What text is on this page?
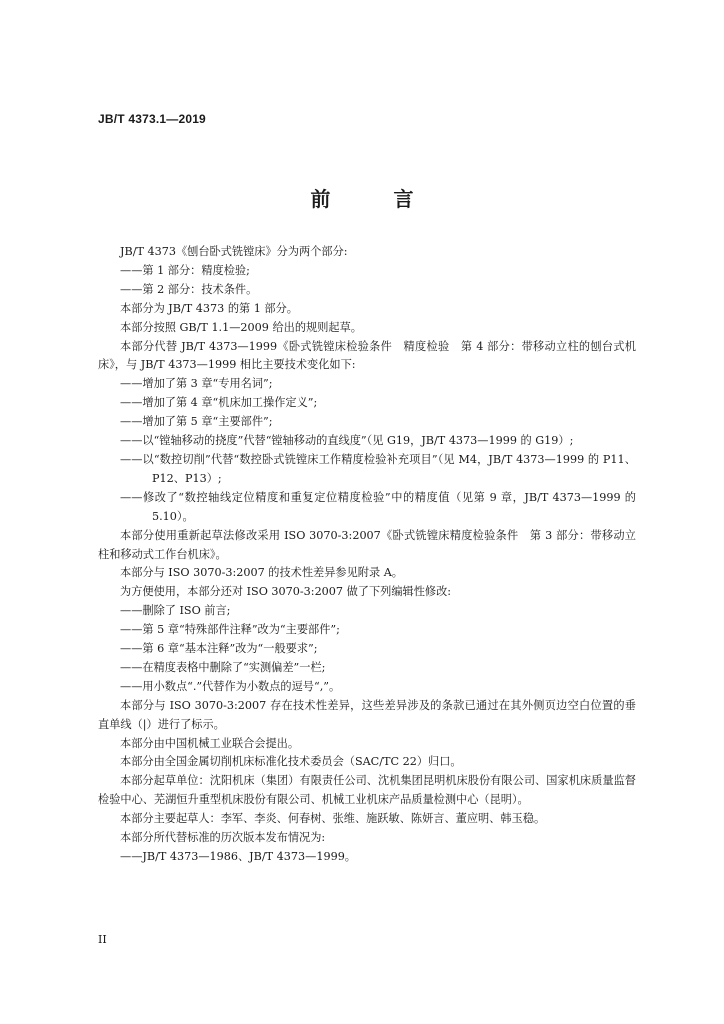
JB/T 4373.1—2019
前 言

JB/T 4373《刨台卧式铣镗床》分为两个部分:

——第 1 部分：精度检验;

——第 2 部分：技术条件。

本部分为 JB/T 4373 的第 1 部分。

本部分按照 GB/T 1.1—2009 给出的规则起草。

本部分代替 JB/T 4373—1999《卧式铣镗床检验条件　精度检验　第 4 部分：带移动立柱的刨台式机床》，与 JB/T 4373—1999 相比主要技术变化如下:

——增加了第 3 章“专用名词”;

——增加了第 4 章“机床加工操作定义”;

——增加了第 5 章“主要部件”;

——以“镗轴移动的挠度”代替“镗轴移动的直线度”（见 G19，JB/T 4373—1999 的 G19）;

——以“数控切削”代替“数控卧式铣镗床工作精度检验补充项目”（见 M4，JB/T 4373—1999 的 P11、P12、P13）;

——修改了“数控轴线定位精度和重复定位精度检验”中的精度值（见第 9 章，JB/T 4373—1999 的 5.10）。

本部分使用重新起草法修改采用 ISO 3070-3:2007《卧式铣镗床精度检验条件　第 3 部分：带移动立柱和移动式工作台机床》。

本部分与 ISO 3070-3:2007 的技术性差异参见附录 A。

为方便使用，本部分还对 ISO 3070-3:2007 做了下列编辑性修改:

——删除了 ISO 前言;

——第 5 章“特殊部件注释”改为“主要部件”;

——第 6 章“基本注释”改为“一般要求”;

——在精度表格中删除了“实测偏差”一栏;

——用小数点“.”代替作为小数点的逗号“,”。

本部分与 ISO 3070-3:2007 存在技术性差异，这些差异涉及的条款已通过在其外侧页边空白位置的垂直单线（|）进行了标示。

本部分由中国机械工业联合会提出。

本部分由全国金属切削机床标准化技术委员会（SAC/TC 22）归口。

本部分起草单位：沈阳机床（集团）有限责任公司、沈机集团昆明机床股份有限公司、国家机床质量监督检验中心、芜湖恒升重型机床股份有限公司、机械工业机床产品质量检测中心（昆明）。

本部分主要起草人：李军、李炎、何春树、张维、施跃敏、陈妍言、董应明、韩玉稳。

本部分所代替标准的历次版本发布情况为:

——JB/T 4373—1986、JB/T 4373—1999。

II
